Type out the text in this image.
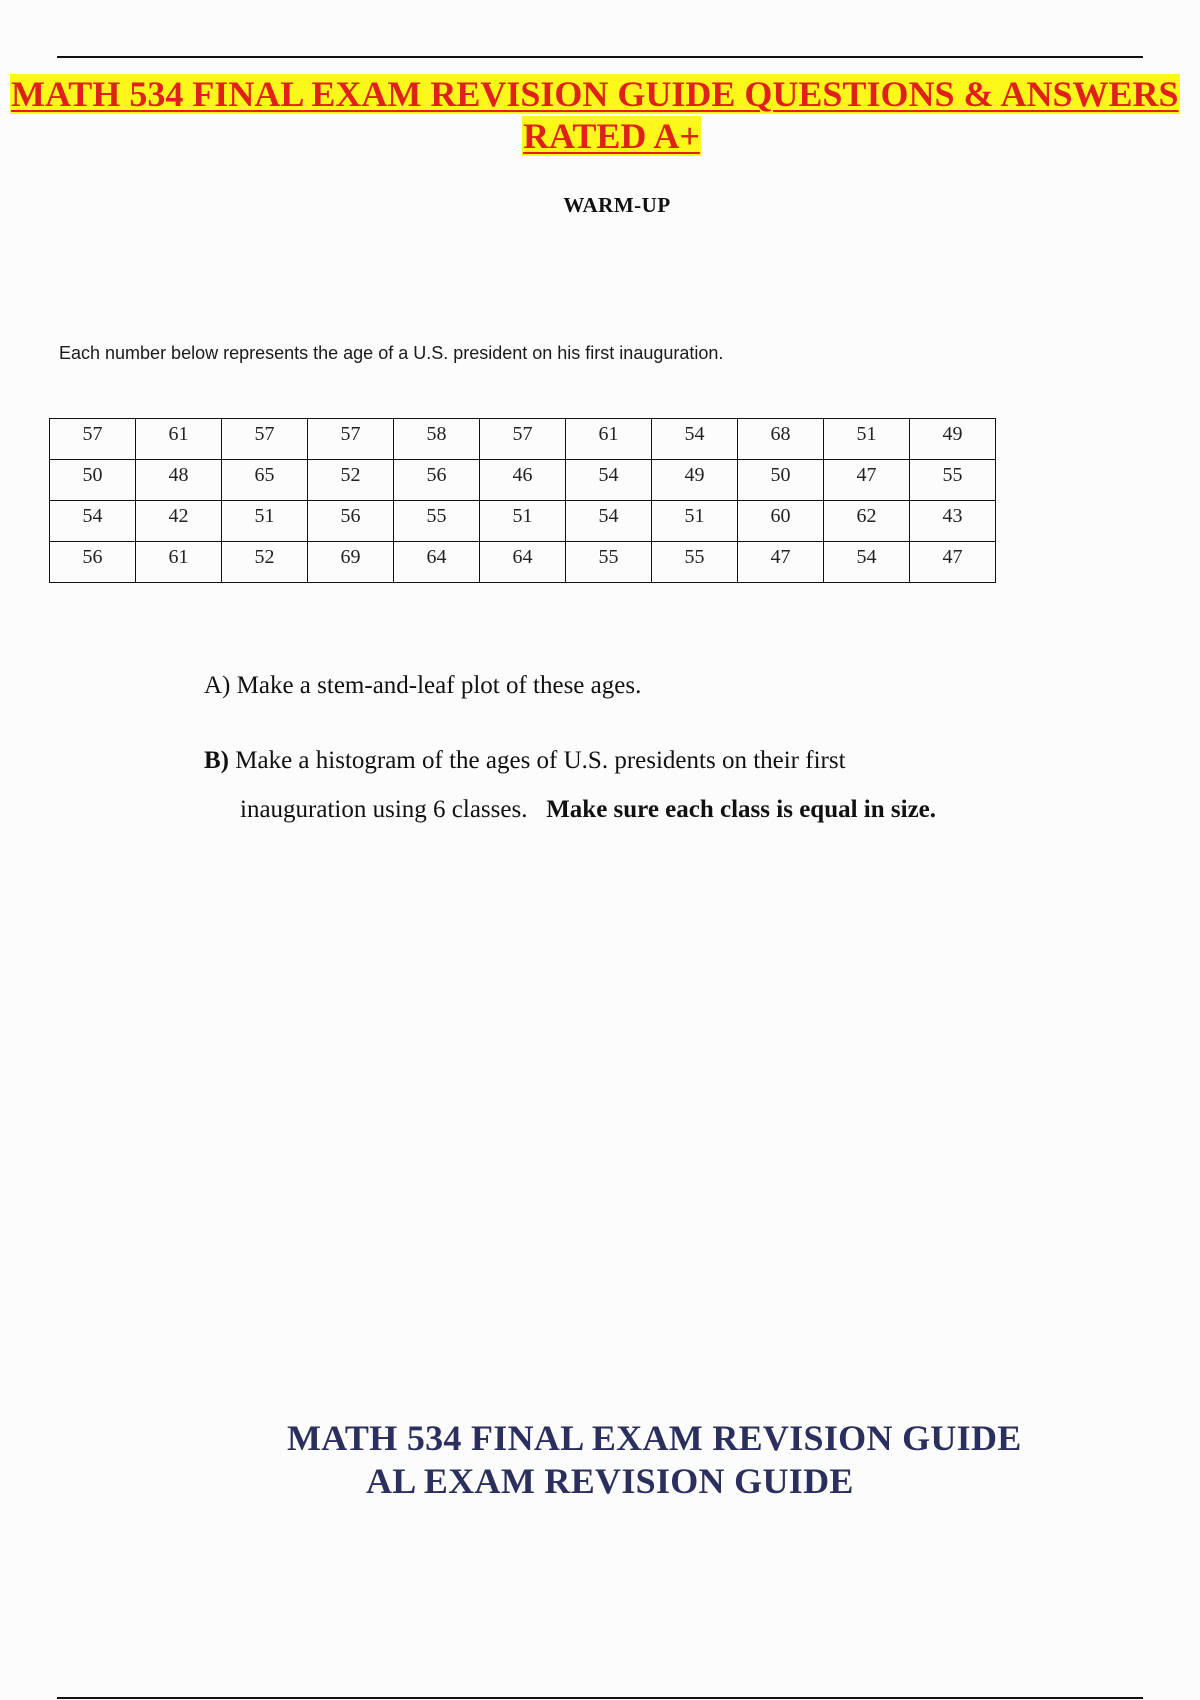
MATH 534 FINAL EXAM REVISION GUIDE QUESTIONS & ANSWERS
RATED A+
WARM-UP
Each number below represents the age of a U.S. president on his first inauguration.
57	61	57	57	58	57	61	54	68	51	49
50	48	65	52	56	46	54	49	50	47	55
54	42	51	56	55	51	54	51	60	62	43
56	61	52	69	64	64	55	55	47	54	47
A) Make a stem-and-leaf plot of these ages.
B) Make a histogram of the ages of U.S. presidents on their first
inauguration using 6 classes. Make sure each class is equal in size.
MATH 534 FINAL EXAM REVISION GUIDE
AL EXAM REVISION GUIDE
